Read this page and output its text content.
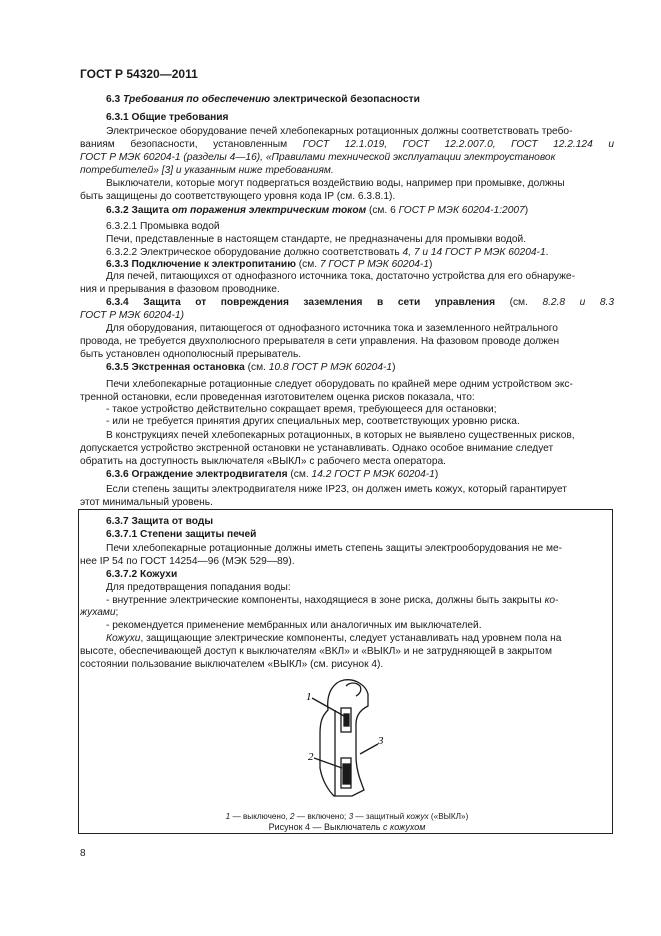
ГОСТ Р 54320—2011
6.3 Требования по обеспечению электрической безопасности
6.3.1 Общие требования
Электрическое оборудование печей хлебопекарных ротационных должны соответствовать требо-
ваниям безопасности, установленным ГОСТ 12.1.019, ГОСТ 12.2.007.0, ГОСТ 12.2.124 и
ГОСТ Р МЭК 60204-1 (разделы 4—16), «Правилами технической эксплуатации электроустановок
потребителей» [3] и указанным ниже требованиям.
Выключатели, которые могут подвергаться воздействию воды, например при промывке, должны
быть защищены до соответствующего уровня кода IP (см. 6.3.8.1).
6.3.2 Защита от поражения электрическим током (см. 6 ГОСТ Р МЭК 60204-1:2007)
6.3.2.1 Промывка водой
Печи, представленные в настоящем стандарте, не предназначены для промывки водой.
6.3.2.2 Электрическое оборудование должно соответствовать 4, 7 и 14 ГОСТ Р МЭК 60204-1.
6.3.3 Подключение к электропитанию (см. 7 ГОСТ Р МЭК 60204-1)
Для печей, питающихся от однофазного источника тока, достаточно устройства для его обнаруже-
ния и прерывания в фазовом проводнике.
6.3.4 Защита от повреждения заземления в сети управления (см. 8.2.8 и 8.3
ГОСТ Р МЭК 60204-1)
Для оборудования, питающегося от однофазного источника тока и заземленного нейтрального
провода, не требуется двухполюсного прерывателя в сети управления. На фазовом проводе должен
быть установлен однополюсный прерыватель.
6.3.5 Экстренная остановка (см. 10.8 ГОСТ Р МЭК 60204-1)
Печи хлебопекарные ротационные следует оборудовать по крайней мере одним устройством экс-
тренной остановки, если проведенная изготовителем оценка рисков показала, что:
- такое устройство действительно сокращает время, требующееся для остановки;
- или не требуется принятия других специальных мер, соответствующих уровню риска.
В конструкциях печей хлебопекарных ротационных, в которых не выявлено существенных рисков,
допускается устройство экстренной остановки не устанавливать. Однако особое внимание следует
обратить на доступность выключателя «ВЫКЛ» с рабочего места оператора.
6.3.6 Ограждение электродвигателя (см. 14.2 ГОСТ Р МЭК 60204-1)
Если степень защиты электродвигателя ниже IP23, он должен иметь кожух, который гарантирует
этот минимальный уровень.
6.3.7 Защита от воды
6.3.7.1 Степени защиты печей
Печи хлебопекарные ротационные должны иметь степень защиты электрооборудования не ме-
нее IP 54 по ГОСТ 14254—96 (МЭК 529—89).
6.3.7.2 Кожухи
Для предотвращения попадания воды:
- внутренние электрические компоненты, находящиеся в зоне риска, должны быть закрыты ко-
жухами;
- рекомендуется применение мембранных или аналогичных им выключателей.
Кожухи, защищающие электрические компоненты, следует устанавливать над уровнем пола на
высоте, обеспечивающей доступ к выключателям «ВКЛ» и «ВЫКЛ» и не затрудняющей в закрытом
состоянии пользование выключателем «ВЫКЛ» (см. рисунок 4).
1
2
3
1 — выключено, 2 — включено; 3 — защитный кожух («ВЫКЛ»)
Рисунок 4 — Выключатель с кожухом
8
